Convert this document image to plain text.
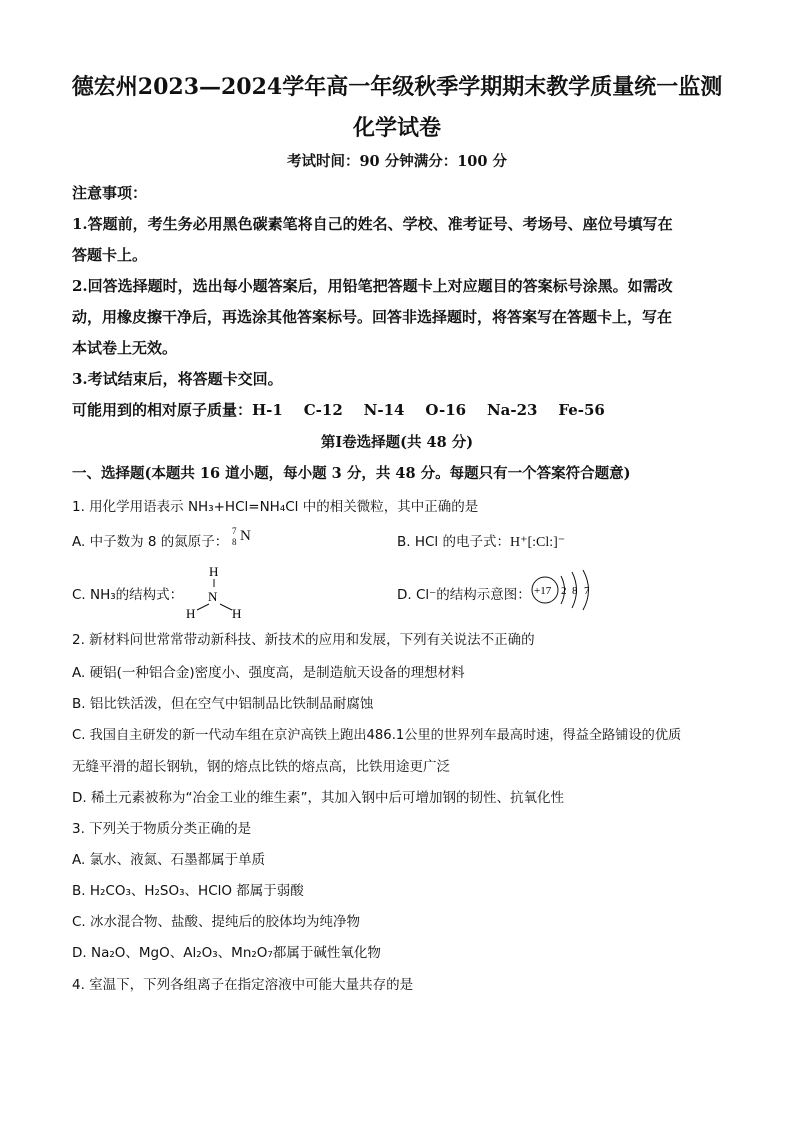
德宏州2023—2024学年高一年级秋季学期期末教学质量统一监测
化学试卷
考试时间：90 分钟满分：100 分
注意事项：
1.答题前，考生务必用黑色碳素笔将自己的姓名、学校、准考证号、考场号、座位号填写在
答题卡上。
2.回答选择题时，选出每小题答案后，用铅笔把答题卡上对应题目的答案标号涂黑。如需改
动，用橡皮擦干净后，再选涂其他答案标号。回答非选择题时，将答案写在答题卡上，写在
本试卷上无效。
3.考试结束后，将答题卡交回。
可能用到的相对原子质量：H-1    C-12    N-14    O-16    Na-23    Fe-56
第Ⅰ卷选择题(共 48 分)
一、选择题(本题共 16 道小题，每小题 3 分，共 48 分。每题只有一个答案符合题意)
1. 用化学用语表示 NH₃+HCl=NH₄Cl 中的相关微粒，其中正确的是
A. 中子数为 8 的氮原子：
7
8 N	B. HCl 的电子式：H⁺[:Cl:]⁻
C. NH₃的结构式：
H
N
H	H
D. Cl⁻的结构示意图： +17 2 8 7
2. 新材料问世常常带动新科技、新技术的应用和发展，下列有关说法不正确的
A. 硬铝(一种铝合金)密度小、强度高，是制造航天设备的理想材料
B. 铝比铁活泼，但在空气中铝制品比铁制品耐腐蚀
C. 我国自主研发的新一代动车组在京沪高铁上跑出486.1公里的世界列车最高时速，得益全路铺设的优质
无缝平滑的超长钢轨，钢的熔点比铁的熔点高，比铁用途更广泛
D. 稀土元素被称为“冶金工业的维生素”，其加入钢中后可增加钢的韧性、抗氧化性
3. 下列关于物质分类正确的是
A. 氯水、液氮、石墨都属于单质
B. H₂CO₃、H₂SO₃、HClO 都属于弱酸
C. 冰水混合物、盐酸、提纯后的胶体均为纯净物
D. Na₂O、MgO、Al₂O₃、Mn₂O₇都属于碱性氧化物
4. 室温下，下列各组离子在指定溶液中可能大量共存的是
